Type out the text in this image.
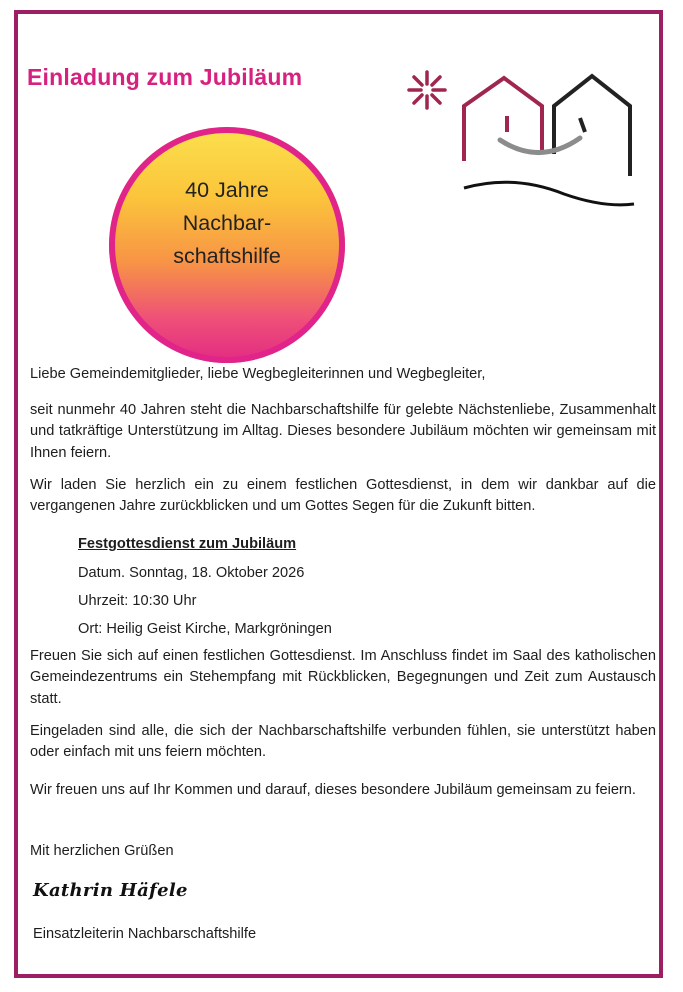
Einladung zum Jubiläum
40 Jahre
Nachbar-
schaftshilfe
Liebe Gemeindemitglieder, liebe Wegbegleiterinnen und Wegbegleiter,
seit nunmehr 40 Jahren steht die Nachbarschaftshilfe für gelebte Nächstenliebe, Zusammenhalt und tatkräftige Unterstützung im Alltag. Dieses besondere Jubiläum möchten wir gemeinsam mit Ihnen feiern.
Wir laden Sie herzlich ein zu einem festlichen Gottesdienst, in dem wir dankbar auf die vergangenen Jahre zurückblicken und um Gottes Segen für die Zukunft bitten.
Festgottesdienst zum Jubiläum
Datum. Sonntag, 18. Oktober 2026
Uhrzeit: 10:30 Uhr
Ort: Heilig Geist Kirche, Markgröningen
Freuen Sie sich auf einen festlichen Gottesdienst. Im Anschluss findet im Saal des katholischen Gemeindezentrums ein Stehempfang mit Rückblicken, Begegnungen und Zeit zum Austausch statt.
Eingeladen sind alle, die sich der Nachbarschaftshilfe verbunden fühlen, sie unterstützt haben oder einfach mit uns feiern möchten.
Wir freuen uns auf Ihr Kommen und darauf, dieses besondere Jubiläum gemeinsam zu feiern.
Mit herzlichen Grüßen
Kathrin Häfele
Einsatzleiterin Nachbarschaftshilfe
